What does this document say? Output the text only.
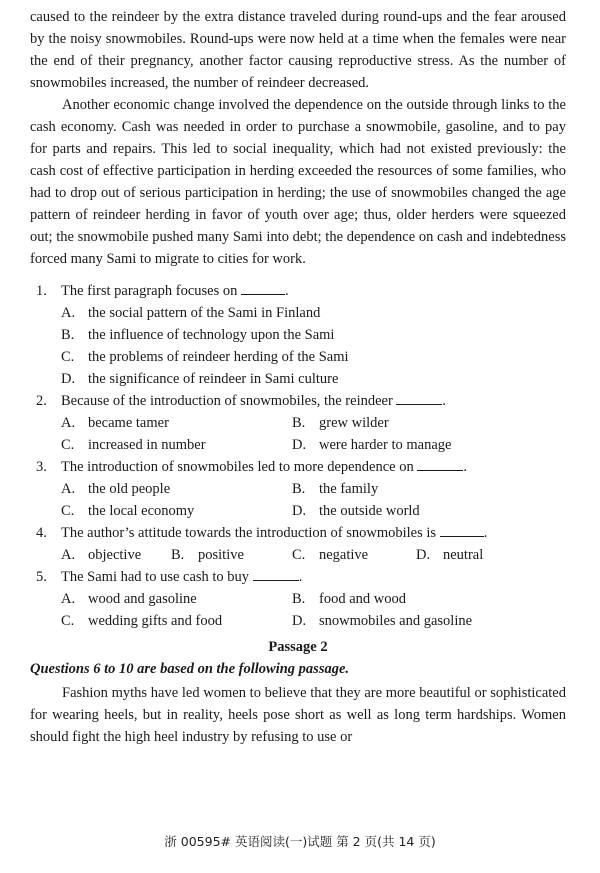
caused to the reindeer by the extra distance traveled during round-ups and the fear aroused by the noisy snowmobiles. Round-ups were now held at a time when the females were near the end of their pregnancy, another factor causing reproductive stress. As the number of snowmobiles increased, the number of reindeer decreased.

Another economic change involved the dependence on the outside through links to the cash economy. Cash was needed in order to purchase a snowmobile, gasoline, and to pay for parts and repairs. This led to social inequality, which had not existed previously: the cash cost of effective participation in herding exceeded the resources of some families, who had to drop out of serious participation in herding; the use of snowmobiles changed the age pattern of reindeer herding in favor of youth over age; thus, older herders were squeezed out; the snowmobile pushed many Sami into debt; the dependence on cash and indebtedness forced many Sami to migrate to cities for work.

1. The first paragraph focuses on	.
A. the social pattern of the Sami in Finland
B. the influence of technology upon the Sami
C. the problems of reindeer herding of the Sami
D. the significance of reindeer in Sami culture
2. Because of the introduction of snowmobiles, the reindeer	.
A. became tamer	B. grew wilder
C. increased in number	D. were harder to manage
3. The introduction of snowmobiles led to more dependence on	.
A. the old people	B. the family
C. the local economy	D. the outside world
4. The author’s attitude towards the introduction of snowmobiles is	.
A. objective B. positive	C. negative	D. neutral
5. The Sami had to use cash to buy	.
A. wood and gasoline	B. food and wood
C. wedding gifts and food	D. snowmobiles and gasoline
Passage 2
Questions 6 to 10 are based on the following passage.

Fashion myths have led women to believe that they are more beautiful or sophisticated for wearing heels, but in reality, heels pose short as well as long term hardships. Women should fight the high heel industry by refusing to use or

浙 00595# 英语阅读(一)试题 第 2 页(共 14 页)
